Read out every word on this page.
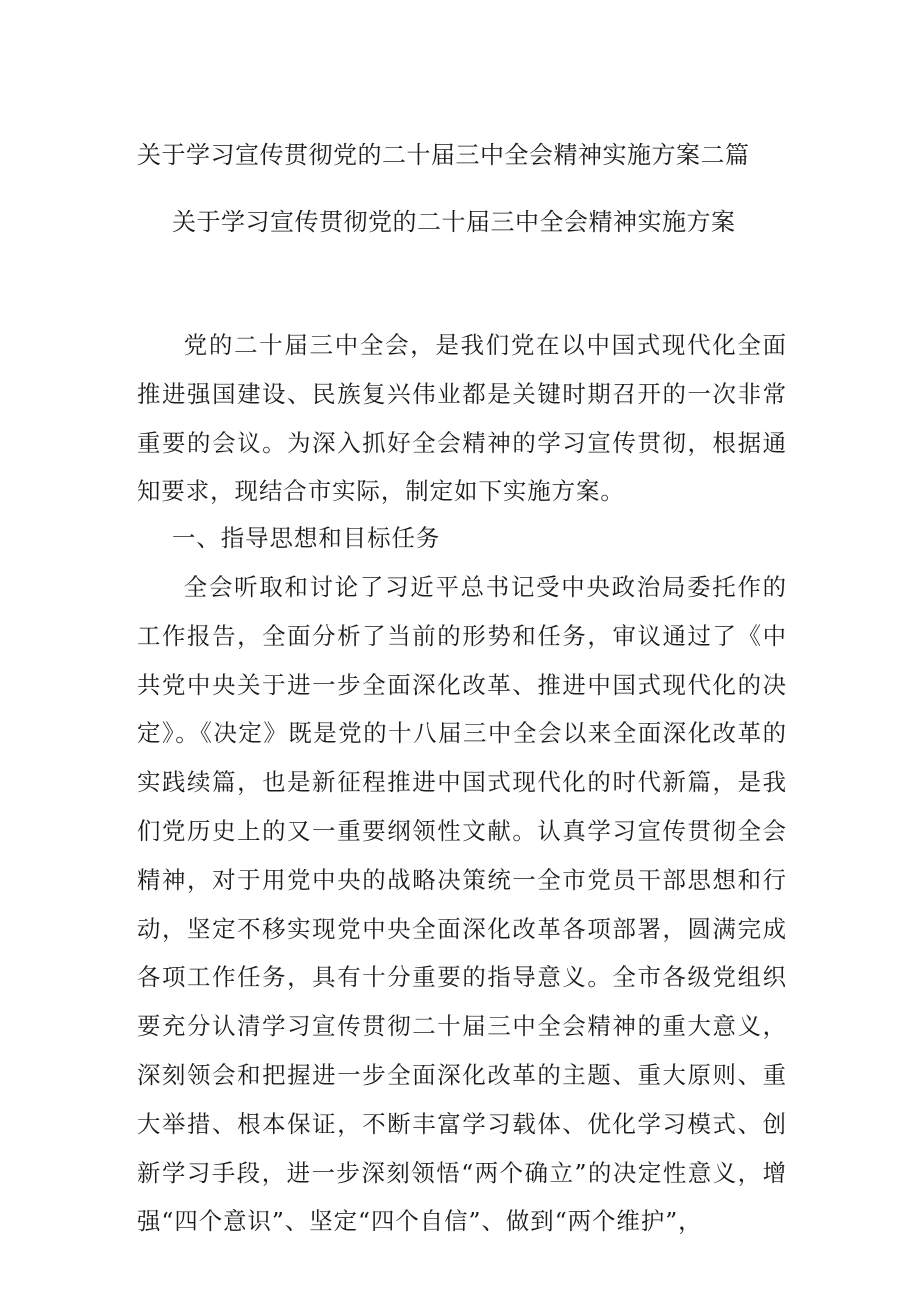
关于学习宣传贯彻党的二十届三中全会精神实施方案二篇
关于学习宣传贯彻党的二十届三中全会精神实施方案

党的二十届三中全会，是我们党在以中国式现代化全面推进强国建设、民族复兴伟业都是关键时期召开的一次非常重要的会议。为深入抓好全会精神的学习宣传贯彻，根据通知要求，现结合市实际，制定如下实施方案。

一、指导思想和目标任务

全会听取和讨论了习近平总书记受中央政治局委托作的工作报告，全面分析了当前的形势和任务，审议通过了《中共党中央关于进一步全面深化改革、推进中国式现代化的决定》。《决定》既是党的十八届三中全会以来全面深化改革的实践续篇，也是新征程推进中国式现代化的时代新篇，是我们党历史上的又一重要纲领性文献。认真学习宣传贯彻全会精神，对于用党中央的战略决策统一全市党员干部思想和行动，坚定不移实现党中央全面深化改革各项部署，圆满完成各项工作任务，具有十分重要的指导意义。全市各级党组织要充分认清学习宣传贯彻二十届三中全会精神的重大意义，深刻领会和把握进一步全面深化改革的主题、重大原则、重大举措、根本保证，不断丰富学习载体、优化学习模式、创新学习手段，进一步深刻领悟“两个确立”的决定性意义，增强“四个意识”、坚定“四个自信”、做到“两个维护”，
